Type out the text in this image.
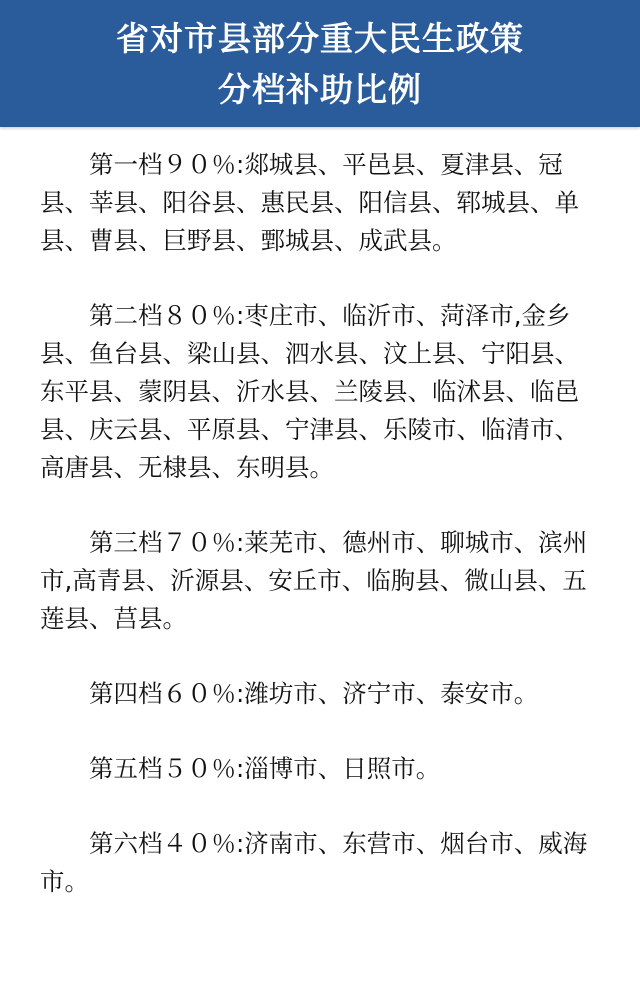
省对市县部分重大民生政策
分档补助比例

第一档９０％:郯城县、平邑县、夏津县、冠县、莘县、阳谷县、惠民县、阳信县、郓城县、单县、曹县、巨野县、鄄城县、成武县。

第二档８０％:枣庄市、临沂市、菏泽市,金乡县、鱼台县、梁山县、泗水县、汶上县、宁阳县、东平县、蒙阴县、沂水县、兰陵县、临沭县、临邑县、庆云县、平原县、宁津县、乐陵市、临清市、高唐县、无棣县、东明县。

第三档７０％:莱芜市、德州市、聊城市、滨州市,高青县、沂源县、安丘市、临朐县、微山县、五莲县、莒县。

第四档６０％:潍坊市、济宁市、泰安市。

第五档５０％:淄博市、日照市。

第六档４０％:济南市、东营市、烟台市、威海市。
